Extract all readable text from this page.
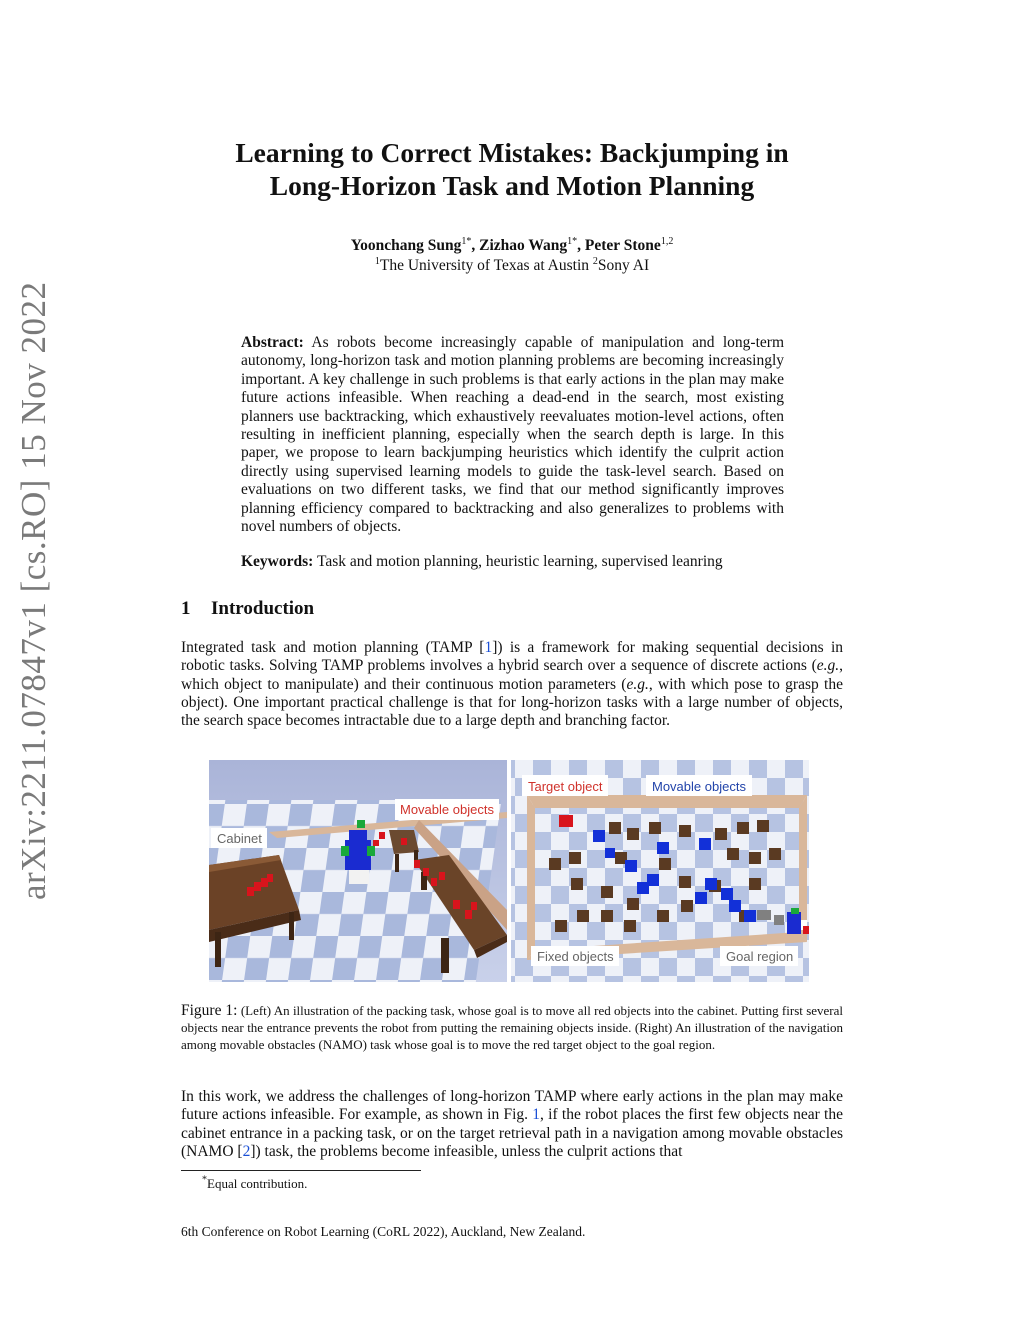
arXiv:2211.07847v1 [cs.RO] 15 Nov 2022
Learning to Correct Mistakes: Backjumping in
Long-Horizon Task and Motion Planning
Yoonchang Sung$^{1*}$, Zizhao Wang$^{1*}$, Peter Stone$^{1,2}$
$^1$The University of Texas at Austin $^2$Sony AI
Abstract: As robots become increasingly capable of manipulation and long-term autonomy, long-horizon task and motion planning problems are becoming increasingly important. A key challenge in such problems is that early actions in the plan may make future actions infeasible. When reaching a dead-end in the search, most existing planners use backtracking, which exhaustively reevaluates motion-level actions, often resulting in inefficient planning, especially when the search depth is large. In this paper, we propose to learn backjumping heuristics which identify the culprit action directly using supervised learning models to guide the task-level search. Based on evaluations on two different tasks, we find that our method significantly improves planning efficiency compared to backtracking and also generalizes to problems with novel numbers of objects.
Keywords: Task and motion planning, heuristic learning, supervised leanring
1 Introduction
Integrated task and motion planning (TAMP [1]) is a framework for making sequential decisions in robotic tasks. Solving TAMP problems involves a hybrid search over a sequence of discrete actions (e.g., which object to manipulate) and their continuous motion parameters (e.g., with which pose to grasp the object). One important practical challenge is that for long-horizon tasks with a large number of objects, the search space becomes intractable due to a large depth and branching factor.
Cabinet
Movable objects
Target object	Movable objects
Fixed objects	Goal region
Figure 1: (Left) An illustration of the packing task, whose goal is to move all red objects into the cabinet. Putting first several objects near the entrance prevents the robot from putting the remaining objects inside. (Right) An illustration of the navigation among movable obstacles (NAMO) task whose goal is to move the red target object to the goal region.
In this work, we address the challenges of long-horizon TAMP where early actions in the plan may make future actions infeasible. For example, as shown in Fig. 1, if the robot places the first few objects near the cabinet entrance in a packing task, or on the target retrieval path in a navigation among movable obstacles (NAMO [2]) task, the problems become infeasible, unless the culprit actions that
*Equal contribution.
6th Conference on Robot Learning (CoRL 2022), Auckland, New Zealand.
